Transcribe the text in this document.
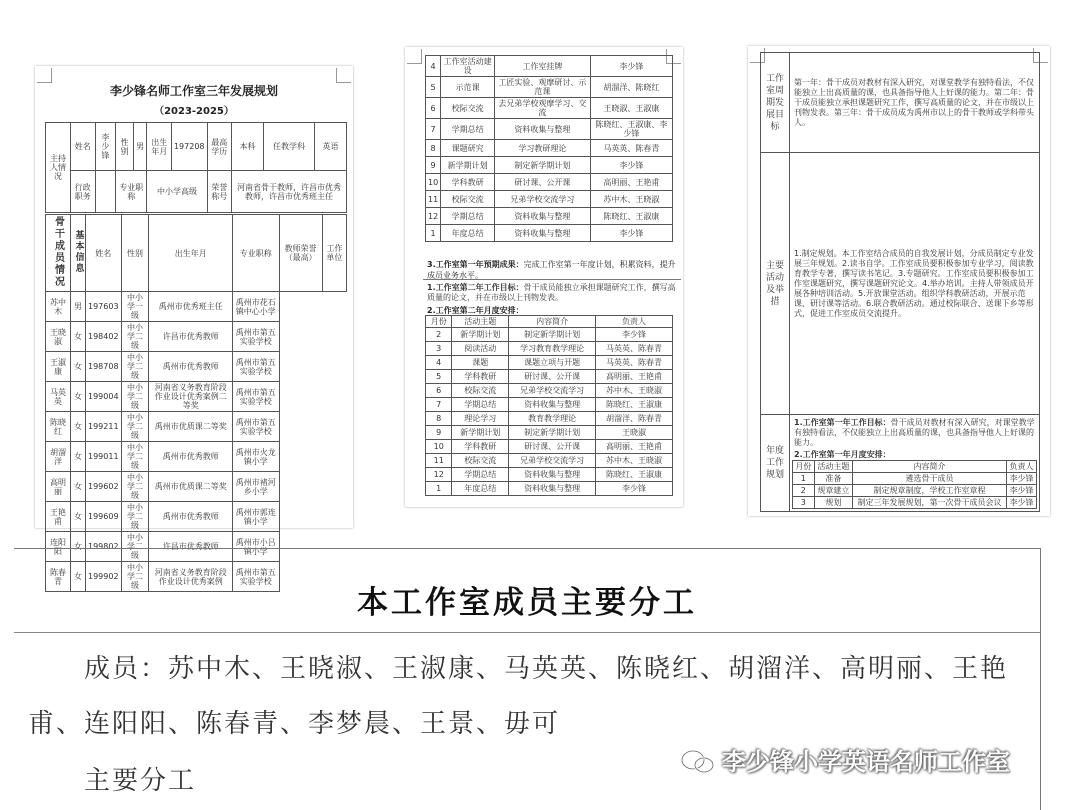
李少锋名师工作室三年发展规划
（2023-2025）
主持人情况	姓名	李少锋	性别	男	出生年月	197208	最高学历	本科	任教学科	英语
	行政职务		专业职称		中小学高级		荣誉称号	河南省骨干教师，许昌市优秀教师，许昌市优秀班主任		
骨干成员情况	基本信息	姓名	性别	出生年月	专业职称	教师荣誉（最高）	工作单位
苏中木	男	197603	中小学一级	禹州市优秀班主任	禹州市花石镇中心小学		
王晓淑	女	198402	中小学二级	许昌市优秀教师	禹州市第五实验学校		
王淑康	女	198708	中小学二级	禹州市优秀教师	禹州市第五实验学校		
马英英	女	199004	中小学二级	河南省义务教育阶段作业设计优秀案例二等奖	禹州市第五实验学校		
陈晓红	女	199211	中小学二级	禹州市优质课二等奖	禹州市第五实验学校		
胡溜洋	女	199011	中小学二级	禹州市优秀教师	禹州市火龙镇小学		
高明丽	女	199602	中小学二级	禹州市优质课二等奖	禹州市褚河乡小学		
王艳甫	女	199609	中小学二级	禹州市优秀教师	禹州市郭连镇小学		
连阳阳	女	199802	中小学二级	许昌市优秀教师	禹州市小吕镇小学		
陈春青	女	199902	中小学二级	河南省义务教育阶段作业设计优秀案例	禹州市第五实验学校		
4	工作室活动建设	工作室挂牌	李少锋
5	示范课	工匠实验、观摩研讨、示范课	胡溜洋、陈晓红
6	校际交流	去兄弟学校观摩学习、交流	王晓淑、王淑康
7	学期总结	资料收集与整理	陈晓红、王淑康、李少锋
8	课题研究	学习教研理论	马英英、陈春青
9	新学期计划	制定新学期计划	李少锋
10	学科教研	研讨课、公开课	高明丽、王艳甫
11	校际交流	兄弟学校交流学习	苏中木、王晓淑
12	学期总结	资料收集与整理	陈晓红、王淑康
1	年度总结	资料收集与整理	李少锋
3.工作室第一年预期成果：完成工作室第一年度计划，积累资料，提升成员业务水平。
1.工作室第二年工作目标：骨干成员能独立承担课题研究工作，撰写高质量的论文，并在市级以上刊物发表。
2.工作室第二年月度安排：
月份	活动主题	内容简介	负责人
2	新学期计划	制定新学期计划	李少锋
3	阅读活动	学习教育教学理论	马英英、陈春青
4	课题	课题立项与开题	马英英、陈春青
5	学科教研	研讨课、公开课	高明丽、王艳甫
6	校际交流	兄弟学校交流学习	苏中木、王晓淑
7	学期总结	资料收集与整理	陈晓红、王淑康
8	理论学习	教育教学理论	胡溜洋、陈春青
9	新学期计划	制定新学期计划	王晓淑
10	学科教研	研讨课、公开课	高明丽、王艳甫
11	校际交流	兄弟学校交流学习	苏中木、王晓淑
12	学期总结	资料收集与整理	陈晓红、王淑康
1	年度总结	资料收集与整理	李少锋
工作室周期发展目标	第一年：骨干成员对教材有深入研究，对课堂教学有独特看法，不仅能独立上出高质量的课，也具备指导他人上好课的能力。第二年：骨干成员能独立承担课题研究工作，撰写高质量的论文，并在市级以上刊物发表。第三年：骨干成员成为禹州市以上的骨干教师或学科带头人。
主要活动及举措	1.制定规划。本工作室结合成员的自我发展计划，分成员制定专业发展三年规划。2.读书自学。工作室成员要积极参加专业学习，阅读教育教学专著，撰写读书笔记。3.专题研究。工作室成员要积极参加工作室课题研究，撰写课题研究论文。4.举办培训。主持人带领成员开展各种培训活动。5.开放课堂活动。组织学科教研活动，开展示范课、研讨课等活动。6.联合教研活动。通过校际联合、送课下乡等形式，促进工作室成员交流提升。
年度工作规划	
1.工作室第一年工作目标：骨干成员对教材有深入研究，对课堂教学有独特看法，不仅能独立上出高质量的课，也具备指导他人上好课的能力。
2.工作室第一年月度安排：
月份	活动主题	内容简介	负责人
1	准备	遴选骨干成员	李少锋
2	规章建立	制定规章制度，学校工作室章程	李少锋
3	规划	制定三年发展规划，第一次骨干成员会议	李少锋
本工作室成员主要分工
成员：苏中木、王晓淑、王淑康、马英英、陈晓红、胡溜洋、高明丽、王艳
甫、连阳阳、陈春青、李梦晨、王景、毋可
主要分工
李少锋小学英语名师工作室
